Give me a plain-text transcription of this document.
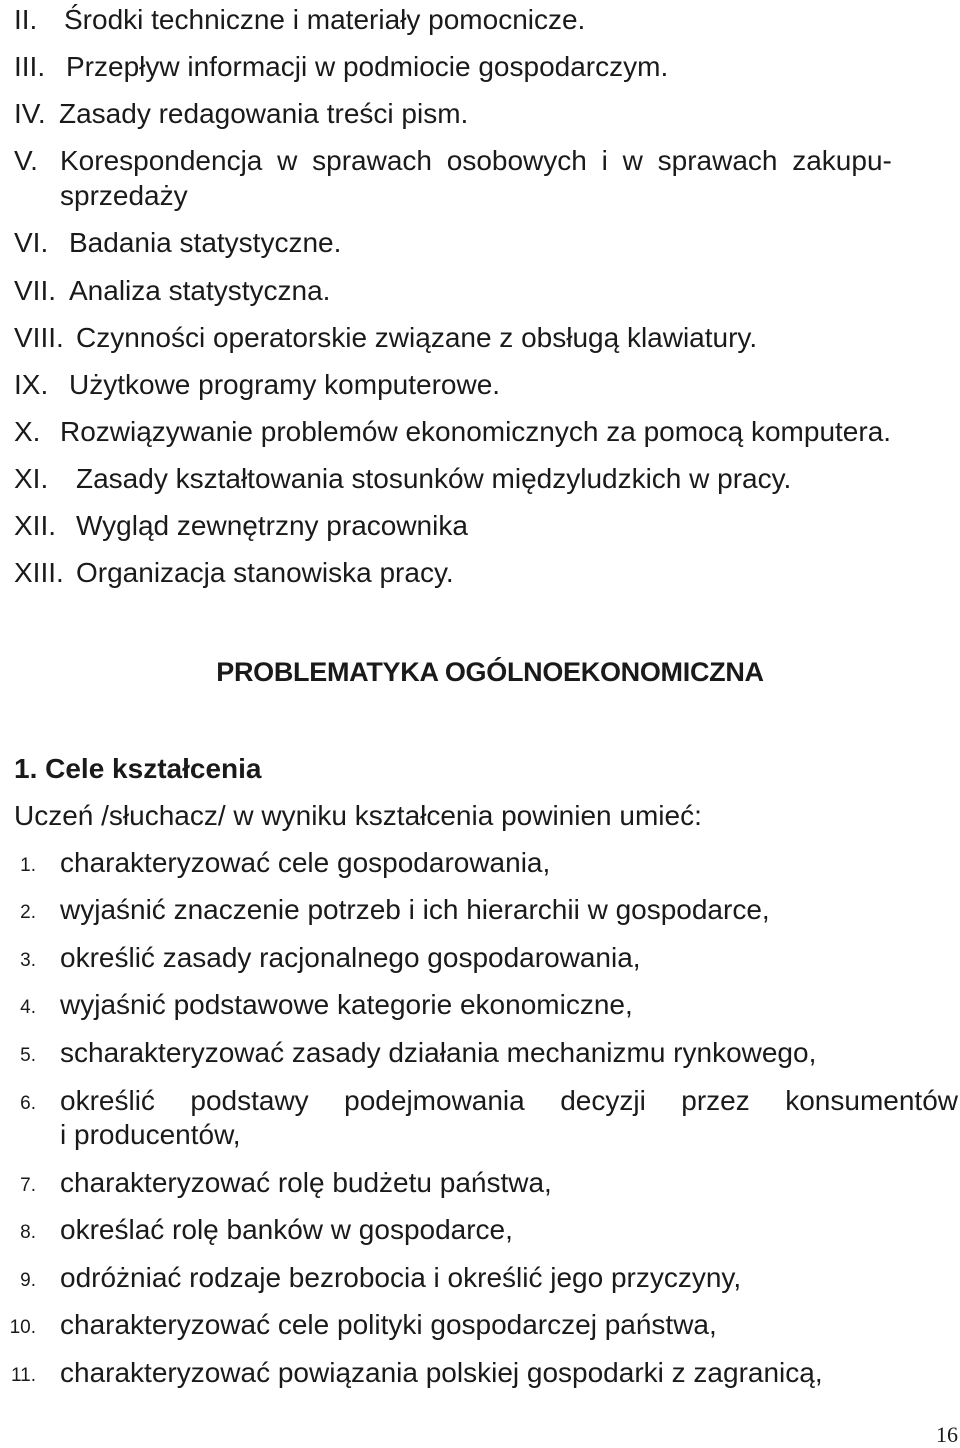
II. Środki techniczne i materiały pomocnicze.
III. Przepływ informacji w podmiocie gospodarczym.
IV. Zasady redagowania treści pism.
V. Korespondencja w sprawach osobowych i w sprawach zakupu-
sprzedaży
VI. Badania statystyczne.
VII. Analiza statystyczna.
VIII. Czynności operatorskie związane z obsługą klawiatury.
IX. Użytkowe programy komputerowe.
X. Rozwiązywanie problemów ekonomicznych za pomocą komputera.
XI. Zasady kształtowania stosunków międzyludzkich w pracy.
XII. Wygląd zewnętrzny pracownika
XIII. Organizacja stanowiska pracy.
PROBLEMATYKA OGÓLNOEKONOMICZNA
1. Cele kształcenia
Uczeń /słuchacz/ w wyniku kształcenia powinien umieć:
1. charakteryzować cele gospodarowania,
2. wyjaśnić znaczenie potrzeb i ich hierarchii w gospodarce,
3. określić zasady racjonalnego gospodarowania,
4. wyjaśnić podstawowe kategorie ekonomiczne,
5. scharakteryzować zasady działania mechanizmu rynkowego,
6. określić podstawy podejmowania decyzji przez konsumentów
i producentów,
7. charakteryzować rolę budżetu państwa,
8. określać rolę banków w gospodarce,
9. odróżniać rodzaje bezrobocia i określić jego przyczyny,
10. charakteryzować cele polityki gospodarczej państwa,
11. charakteryzować powiązania polskiej gospodarki z zagranicą,
16
